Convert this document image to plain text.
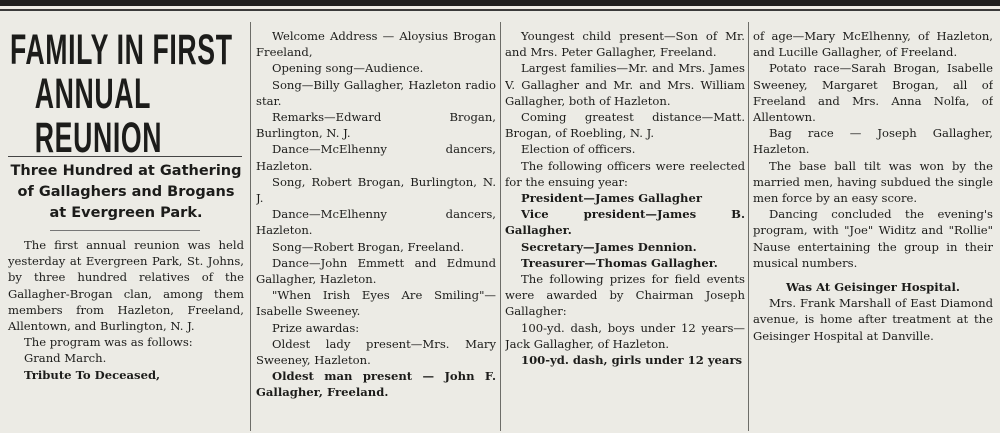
FAMILY IN FIRST
ANNUAL REUNION
Three Hundred at Gathering of Gallaghers and Brogans at Evergreen Park.

The first annual reunion was held yesterday at Evergreen Park, St. Johns, by three hundred relatives of the Gallagher-Brogan clan, among them members from Hazleton, Freeland, Allentown, and Burlington, N. J.

The program was as follows:

Grand March.

Tribute To Deceased,

Welcome Address — Aloysius Brogan Freeland,

Opening song—Audience.

Song—Billy Gallagher, Hazleton radio star.

Remarks—Edward Brogan, Burlington, N. J.

Dance—McElhenny dancers, Hazleton.

Song, Robert Brogan, Burlington, N. J.

Dance—McElhenny dancers, Hazleton.

Song—Robert Brogan, Freeland.

Dance—John Emmett and Edmund Gallagher, Hazleton.

"When Irish Eyes Are Smiling"—Isabelle Sweeney.

Prize awardas:

Oldest lady present—Mrs. Mary Sweeney, Hazleton.

Oldest man present — John F. Gallagher, Freeland.

Youngest child present—Son of Mr. and Mrs. Peter Gallagher, Freeland.

Largest families—Mr. and Mrs. James V. Gallagher and Mr. and Mrs. William Gallagher, both of Hazleton.

Coming greatest distance—Matt. Brogan, of Roebling, N. J.

Election of officers.

The following officers were reelected for the ensuing year:

President—James Gallagher

Vice president—James B. Gallagher.

Secretary—James Dennion.

Treasurer—Thomas Gallagher.

The following prizes for field events were awarded by Chairman Joseph Gallagher:

100-yd. dash, boys under 12 years—Jack Gallagher, of Hazleton.

100-yd. dash, girls under 12 years

of age—Mary McElhenny, of Hazleton, and Lucille Gallagher, of Freeland.

Potato race—Sarah Brogan, Isabelle Sweeney, Margaret Brogan, all of Freeland and Mrs. Anna Nolfa, of Allentown.

Bag race — Joseph Gallagher, Hazleton.

The base ball tilt was won by the married men, having subdued the single men force by an easy score.

Dancing concluded the evening's program, with "Joe" Widitz and "Rollie" Nause entertaining the group in their musical numbers.

Was At Geisinger Hospital.

Mrs. Frank Marshall of East Diamond avenue, is home after treatment at the Geisinger Hospital at Danville.
